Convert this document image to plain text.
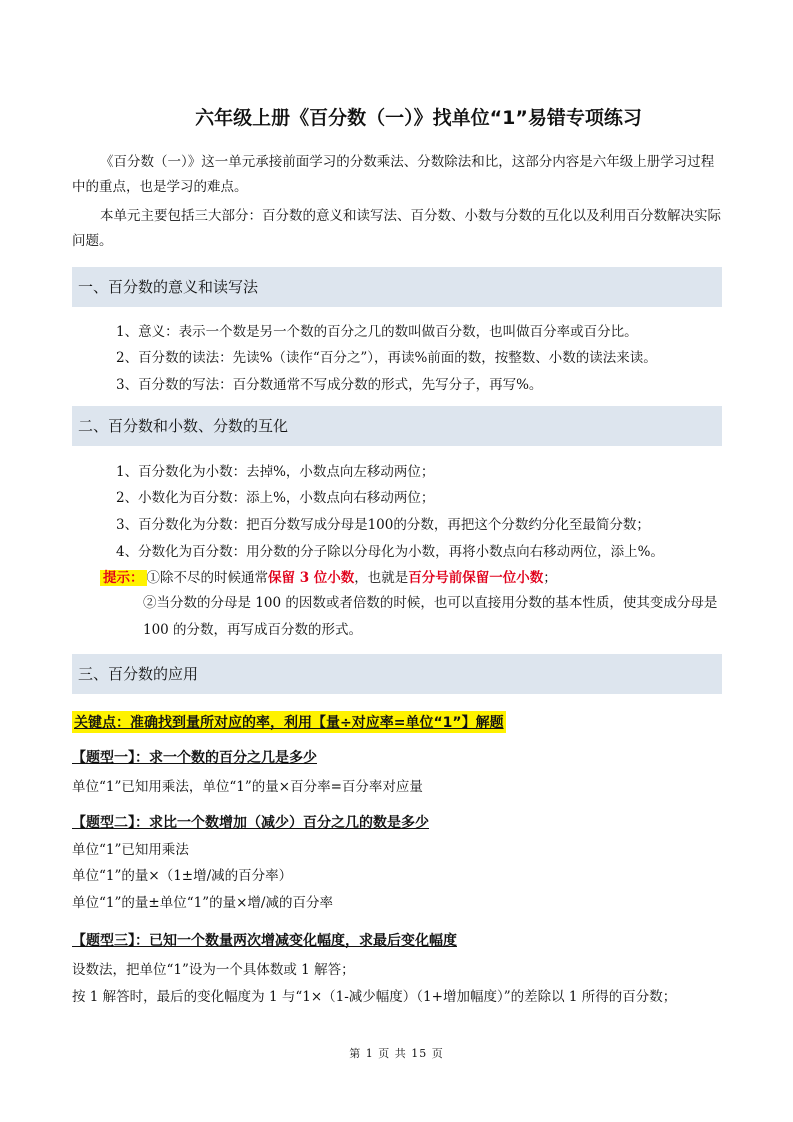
六年级上册《百分数（一）》找单位“1”易错专项练习
《百分数（一）》这一单元承接前面学习的分数乘法、分数除法和比，这部分内容是六年级上册学习过程中的重点，也是学习的难点。
本单元主要包括三大部分：百分数的意义和读写法、百分数、小数与分数的互化以及利用百分数解决实际问题。
一、百分数的意义和读写法
1、意义：表示一个数是另一个数的百分之几的数叫做百分数，也叫做百分率或百分比。
2、百分数的读法：先读%（读作“百分之”），再读%前面的数，按整数、小数的读法来读。
3、百分数的写法：百分数通常不写成分数的形式，先写分子，再写%。
二、百分数和小数、分数的互化
1、百分数化为小数：去掉%，小数点向左移动两位；
2、小数化为百分数：添上%，小数点向右移动两位；
3、百分数化为分数：把百分数写成分母是100的分数，再把这个分数约分化至最简分数；
4、分数化为百分数：用分数的分子除以分母化为小数，再将小数点向右移动两位，添上%。
提示： ①除不尽的时候通常保留 3 位小数，也就是百分号前保留一位小数；
②当分数的分母是 100 的因数或者倍数的时候，也可以直接用分数的基本性质，使其变成分母是 100 的分数，再写成百分数的形式。
三、百分数的应用
关键点：准确找到量所对应的率，利用【量÷对应率=单位“1”】解题
【题型一】：求一个数的百分之几是多少
单位“1”已知用乘法，单位“1”的量×百分率=百分率对应量
【题型二】：求比一个数增加（减少）百分之几的数是多少
单位“1”已知用乘法
单位“1”的量×（1±增/减的百分率）
单位“1”的量±单位“1”的量×增/减的百分率
【题型三】：已知一个数量两次增减变化幅度，求最后变化幅度
设数法，把单位“1”设为一个具体数或 1 解答；
按 1 解答时，最后的变化幅度为 1 与“1×（1-减少幅度）（1+增加幅度）”的差除以 1 所得的百分数；
第 1 页 共 15 页
